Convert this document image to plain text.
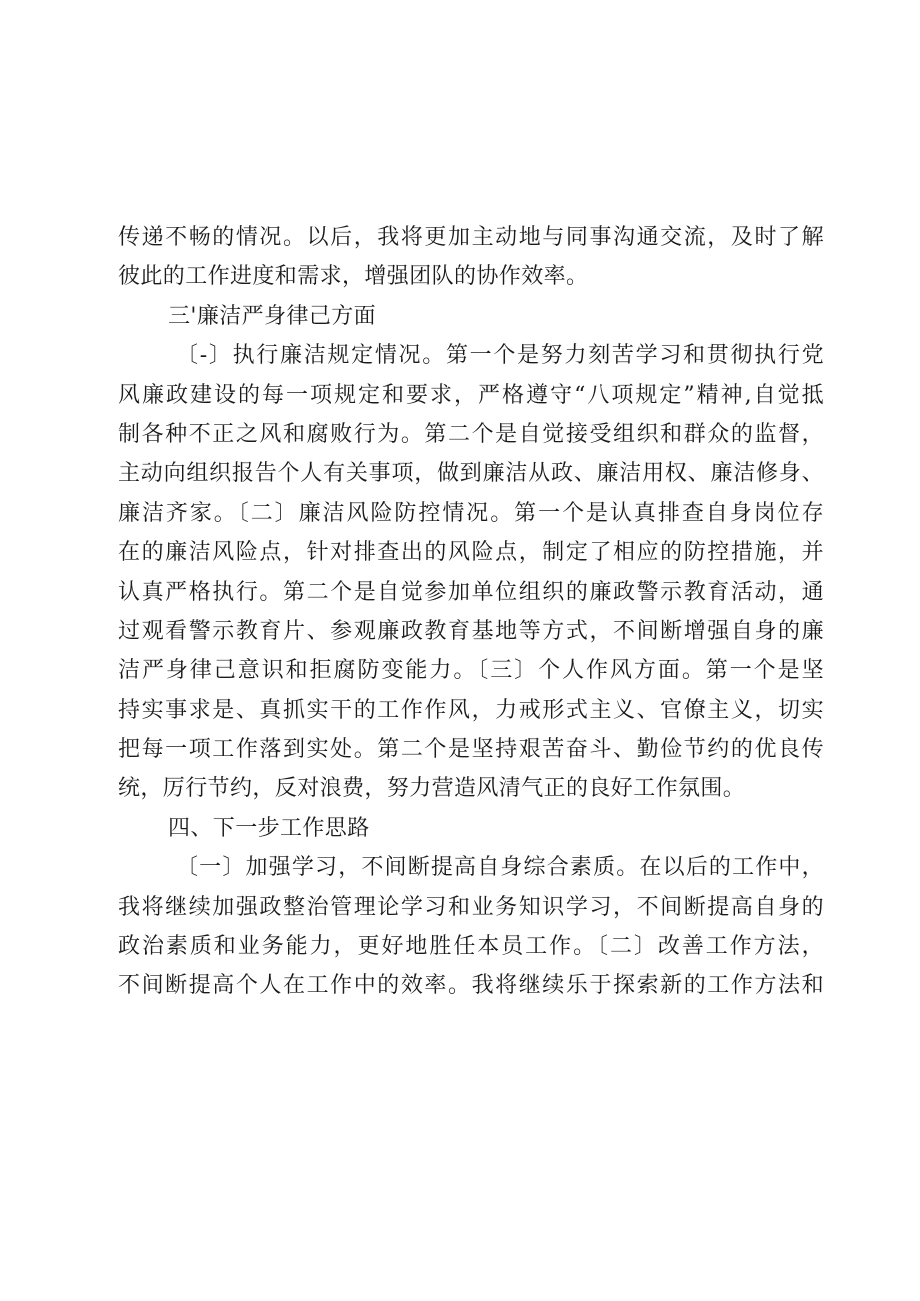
传递不畅的情况。以后，我将更加主动地与同事沟通交流，及时了解
彼此的工作进度和需求，增强团队的协作效率。
三'廉洁严身律己方面
〔-〕执行廉洁规定情况。第一个是努力刻苦学习和贯彻执行党
风廉政建设的每一项规定和要求，严格遵守“八项规定”精神,自觉抵
制各种不正之风和腐败行为。第二个是自觉接受组织和群众的监督，
主动向组织报告个人有关事项，做到廉洁从政、廉洁用权、廉洁修身、
廉洁齐家。〔二〕廉洁风险防控情况。第一个是认真排查自身岗位存
在的廉洁风险点，针对排查出的风险点，制定了相应的防控措施，并
认真严格执行。第二个是自觉参加单位组织的廉政警示教育活动，通
过观看警示教育片、参观廉政教育基地等方式，不间断增强自身的廉
洁严身律己意识和拒腐防变能力。〔三〕个人作风方面。第一个是坚
持实事求是、真抓实干的工作作风，力戒形式主义、官僚主义，切实
把每一项工作落到实处。第二个是坚持艰苦奋斗、勤俭节约的优良传
统，厉行节约，反对浪费，努力营造风清气正的良好工作氛围。
四、下一步工作思路
〔一〕加强学习，不间断提高自身综合素质。在以后的工作中，
我将继续加强政整治管理论学习和业务知识学习，不间断提高自身的
政治素质和业务能力，更好地胜任本员工作。〔二〕改善工作方法，
不间断提高个人在工作中的效率。我将继续乐于探索新的工作方法和
